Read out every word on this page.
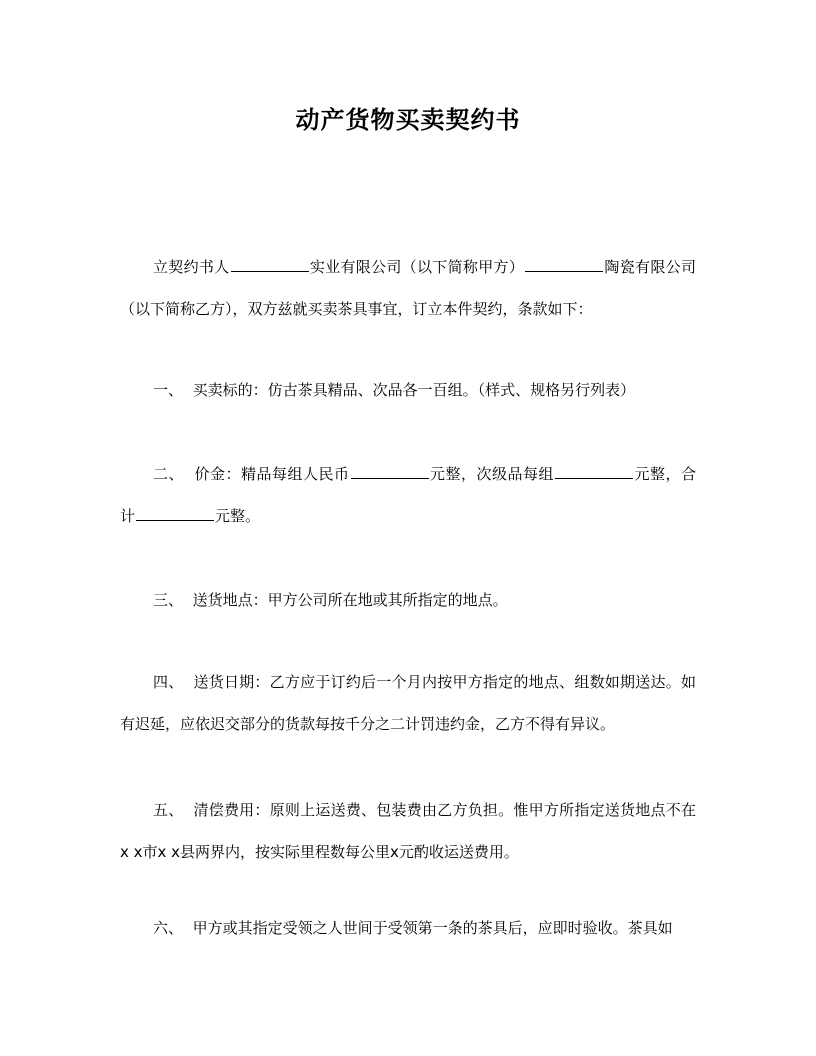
动产货物买卖契约书
立契约书人	实业有限公司（以下简称甲方）	陶瓷有限公司（以下简称乙方），双方兹就买卖茶具事宜，订立本件契约，条款如下：
一、 买卖标的：仿古茶具精品、次品各一百组。（样式、规格另行列表）
二、 价金：精品每组人民币	元整，次级品每组	元整，合计	元整。
三、 送货地点：甲方公司所在地或其所指定的地点。
四、 送货日期：乙方应于订约后一个月内按甲方指定的地点、组数如期送达。如有迟延，应依迟交部分的货款每按千分之二计罚违约金，乙方不得有异议。
五、 清偿费用：原则上运送费、包装费由乙方负担。惟甲方所指定送货地点不在x x市x x县两界内，按实际里程数每公里x元酌收运送费用。
六、 甲方或其指定受领之人世间于受领第一条的茶具后，应即时验收。茶具如
